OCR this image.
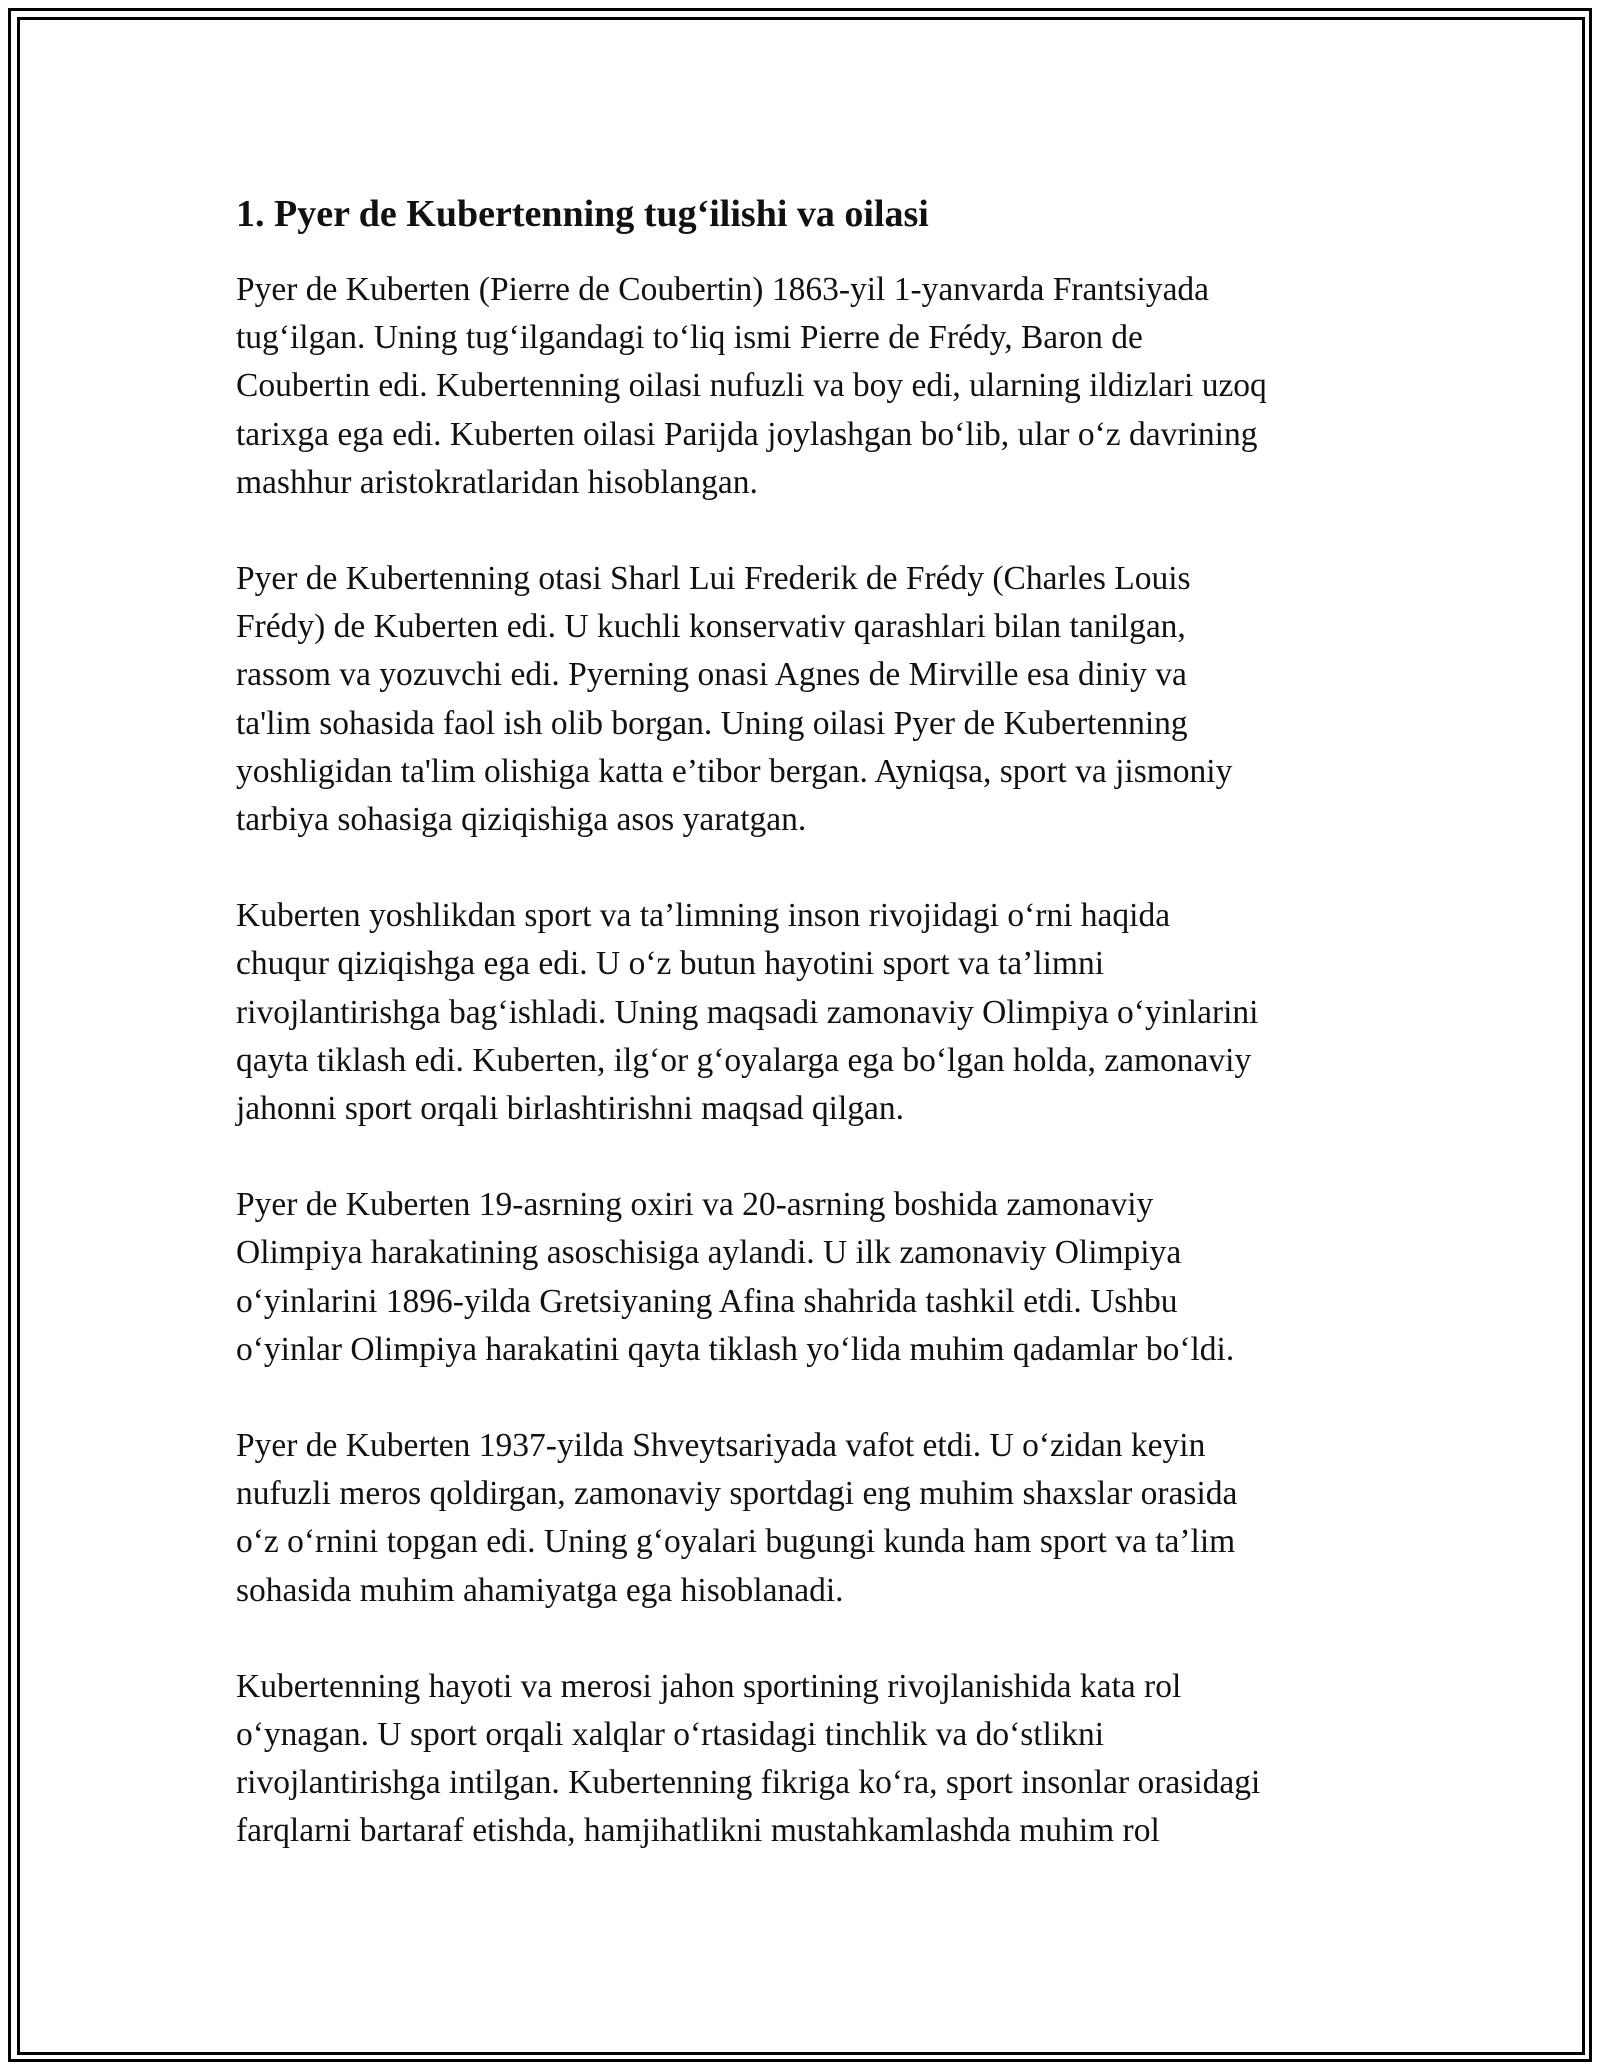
1. Pyer de Kubertenning tug‘ilishi va oilasi

Pyer de Kuberten (Pierre de Coubertin) 1863-yil 1-yanvarda Frantsiyada
tug‘ilgan. Uning tug‘ilgandagi to‘liq ismi Pierre de Frédy, Baron de
Coubertin edi. Kubertenning oilasi nufuzli va boy edi, ularning ildizlari uzoq
tarixga ega edi. Kuberten oilasi Parijda joylashgan bo‘lib, ular o‘z davrining
mashhur aristokratlaridan hisoblangan.

Pyer de Kubertenning otasi Sharl Lui Frederik de Frédy (Charles Louis
Frédy) de Kuberten edi. U kuchli konservativ qarashlari bilan tanilgan,
rassom va yozuvchi edi. Pyerning onasi Agnes de Mirville esa diniy va
ta'lim sohasida faol ish olib borgan. Uning oilasi Pyer de Kubertenning
yoshligidan ta'lim olishiga katta e’tibor bergan. Ayniqsa, sport va jismoniy
tarbiya sohasiga qiziqishiga asos yaratgan.

Kuberten yoshlikdan sport va ta’limning inson rivojidagi o‘rni haqida
chuqur qiziqishga ega edi. U o‘z butun hayotini sport va ta’limni
rivojlantirishga bag‘ishladi. Uning maqsadi zamonaviy Olimpiya o‘yinlarini
qayta tiklash edi. Kuberten, ilg‘or g‘oyalarga ega bo‘lgan holda, zamonaviy
jahonni sport orqali birlashtirishni maqsad qilgan.

Pyer de Kuberten 19-asrning oxiri va 20-asrning boshida zamonaviy
Olimpiya harakatining asoschisiga aylandi. U ilk zamonaviy Olimpiya
o‘yinlarini 1896-yilda Gretsiyaning Afina shahrida tashkil etdi. Ushbu
o‘yinlar Olimpiya harakatini qayta tiklash yo‘lida muhim qadamlar bo‘ldi.

Pyer de Kuberten 1937-yilda Shveytsariyada vafot etdi. U o‘zidan keyin
nufuzli meros qoldirgan, zamonaviy sportdagi eng muhim shaxslar orasida
o‘z o‘rnini topgan edi. Uning g‘oyalari bugungi kunda ham sport va ta’lim
sohasida muhim ahamiyatga ega hisoblanadi.

Kubertenning hayoti va merosi jahon sportining rivojlanishida kata rol
o‘ynagan. U sport orqali xalqlar o‘rtasidagi tinchlik va do‘stlikni
rivojlantirishga intilgan. Kubertenning fikriga ko‘ra, sport insonlar orasidagi
farqlarni bartaraf etishda, hamjihatlikni mustahkamlashda muhim rol
